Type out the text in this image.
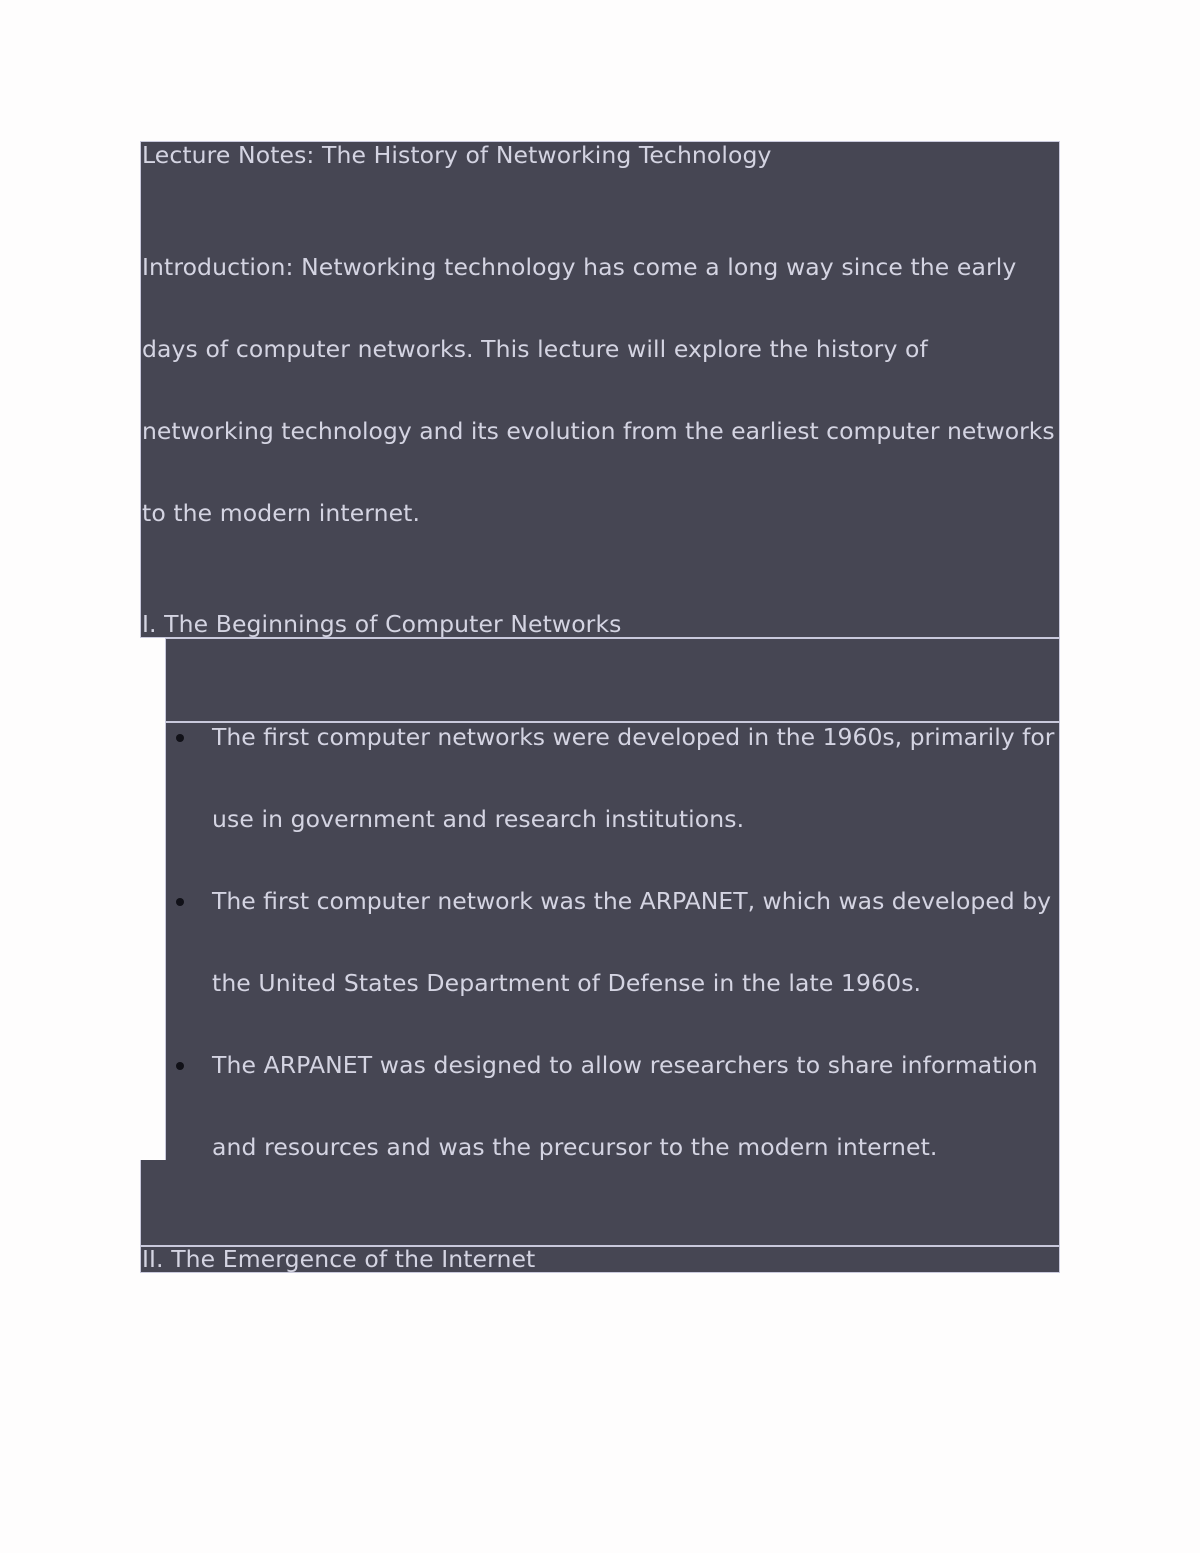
Lecture Notes: The History of Networking Technology
Introduction: Networking technology has come a long way since the early
days of computer networks. This lecture will explore the history of
networking technology and its evolution from the earliest computer networks
to the modern internet.
I. The Beginnings of Computer Networks
The first computer networks were developed in the 1960s, primarily for
use in government and research institutions.
The first computer network was the ARPANET, which was developed by
the United States Department of Defense in the late 1960s.
The ARPANET was designed to allow researchers to share information
and resources and was the precursor to the modern internet.
II. The Emergence of the Internet
